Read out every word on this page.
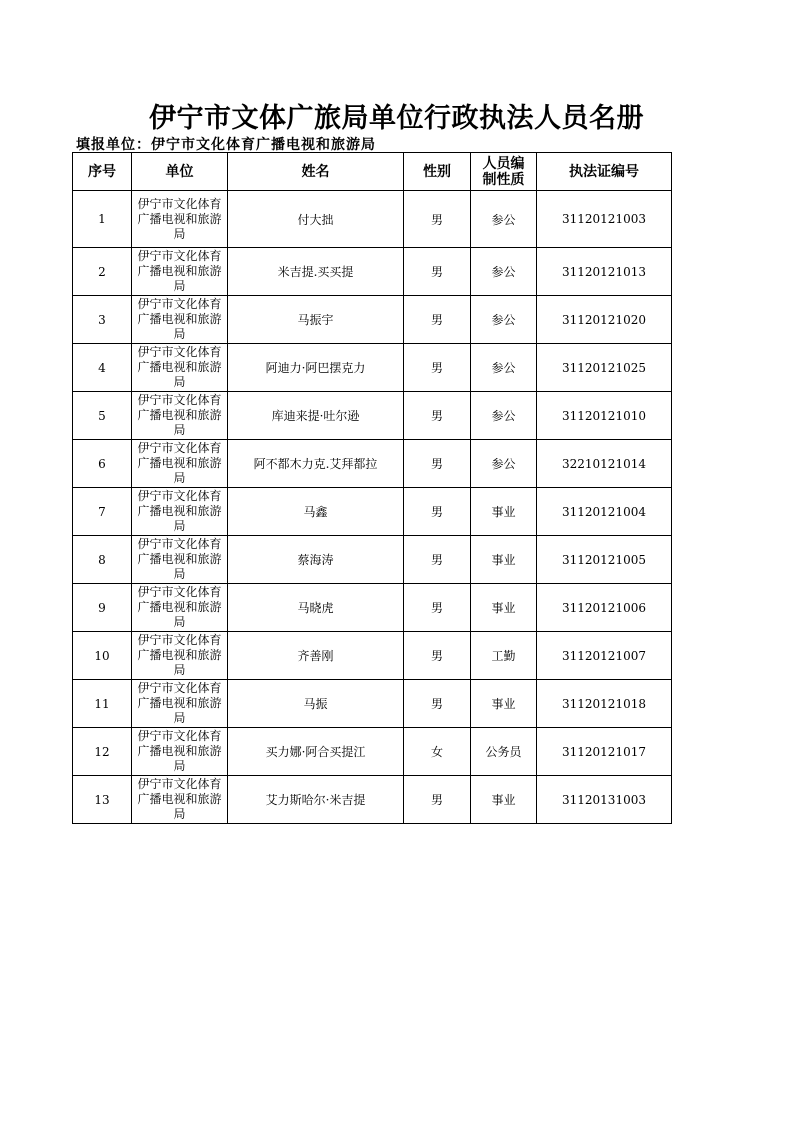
伊宁市文体广旅局单位行政执法人员名册
填报单位：伊宁市文化体育广播电视和旅游局
序号	单位	姓名	性别	人员编制性质	执法证编号
1	伊宁市文化体育广播电视和旅游局	付大拙	男	参公	31120121003
2	伊宁市文化体育广播电视和旅游局	米吉提.买买提	男	参公	31120121013
3	伊宁市文化体育广播电视和旅游局	马振宇	男	参公	31120121020
4	伊宁市文化体育广播电视和旅游局	阿迪力·阿巴摆克力	男	参公	31120121025
5	伊宁市文化体育广播电视和旅游局	库迪来提·吐尔逊	男	参公	31120121010
6	伊宁市文化体育广播电视和旅游局	阿不都木力克.艾拜都拉	男	参公	32210121014
7	伊宁市文化体育广播电视和旅游局	马鑫	男	事业	31120121004
8	伊宁市文化体育广播电视和旅游局	蔡海涛	男	事业	31120121005
9	伊宁市文化体育广播电视和旅游局	马晓虎	男	事业	31120121006
10	伊宁市文化体育广播电视和旅游局	齐善刚	男	工勤	31120121007
11	伊宁市文化体育广播电视和旅游局	马振	男	事业	31120121018
12	伊宁市文化体育广播电视和旅游局	买力娜·阿合买提江	女	公务员	31120121017
13	伊宁市文化体育广播电视和旅游局	艾力斯哈尔·米吉提	男	事业	31120131003
